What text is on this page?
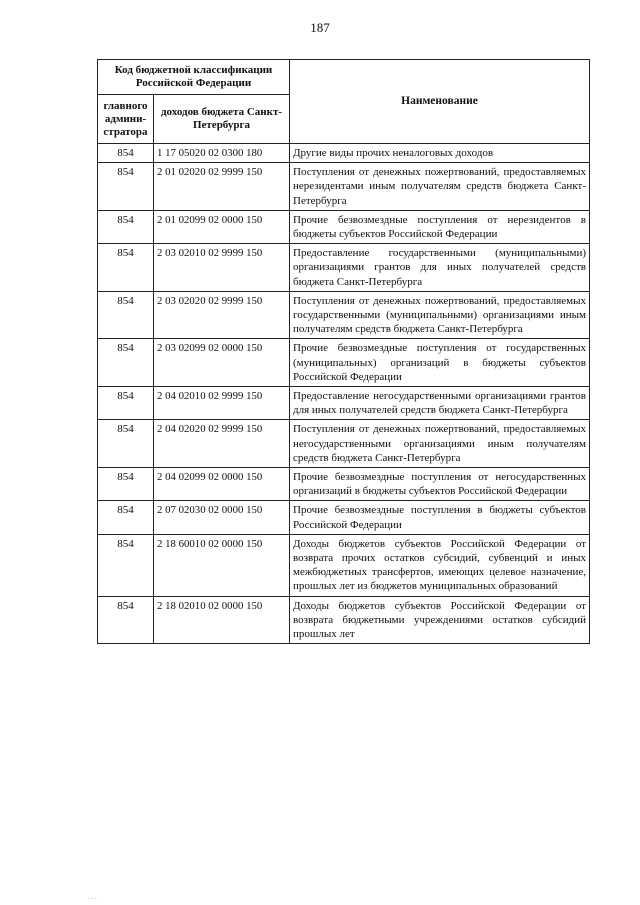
187
Код бюджетной классификации Российской Федерации		Наименование
главного админи-стратора	доходов бюджета Санкт-Петербурга	
854	1 17 05020 02 0300 180	Другие виды прочих неналоговых доходов
854	2 01 02020 02 9999 150	Поступления от денежных пожертвований, предоставляемых нерезидентами иным получателям средств бюджета Санкт-Петербурга
854	2 01 02099 02 0000 150	Прочие безвозмездные поступления от нерезидентов в бюджеты субъектов Российской Федерации
854	2 03 02010 02 9999 150	Предоставление государственными (муниципальными) организациями грантов для иных получателей средств бюджета Санкт-Петербурга
854	2 03 02020 02 9999 150	Поступления от денежных пожертвований, предоставляемых государственными (муниципальными) организациями иным получателям средств бюджета Санкт-Петербурга
854	2 03 02099 02 0000 150	Прочие безвозмездные поступления от государственных (муниципальных) организаций в бюджеты субъектов Российской Федерации
854	2 04 02010 02 9999 150	Предоставление негосударственными организациями грантов для иных получателей средств бюджета Санкт-Петербурга
854	2 04 02020 02 9999 150	Поступления от денежных пожертвований, предоставляемых негосударственными организациями иным получателям средств бюджета Санкт-Петербурга
854	2 04 02099 02 0000 150	Прочие безвозмездные поступления от негосударственных организаций в бюджеты субъектов Российской Федерации
854	2 07 02030 02 0000 150	Прочие безвозмездные поступления в бюджеты субъектов Российской Федерации
854	2 18 60010 02 0000 150	Доходы бюджетов субъектов Российской Федерации от возврата прочих остатков субсидий, субвенций и иных межбюджетных трансфертов, имеющих целевое назначение, прошлых лет из бюджетов муниципальных образований
854	2 18 02010 02 0000 150	Доходы бюджетов субъектов Российской Федерации от возврата бюджетными учреждениями остатков субсидий прошлых лет
. . .
